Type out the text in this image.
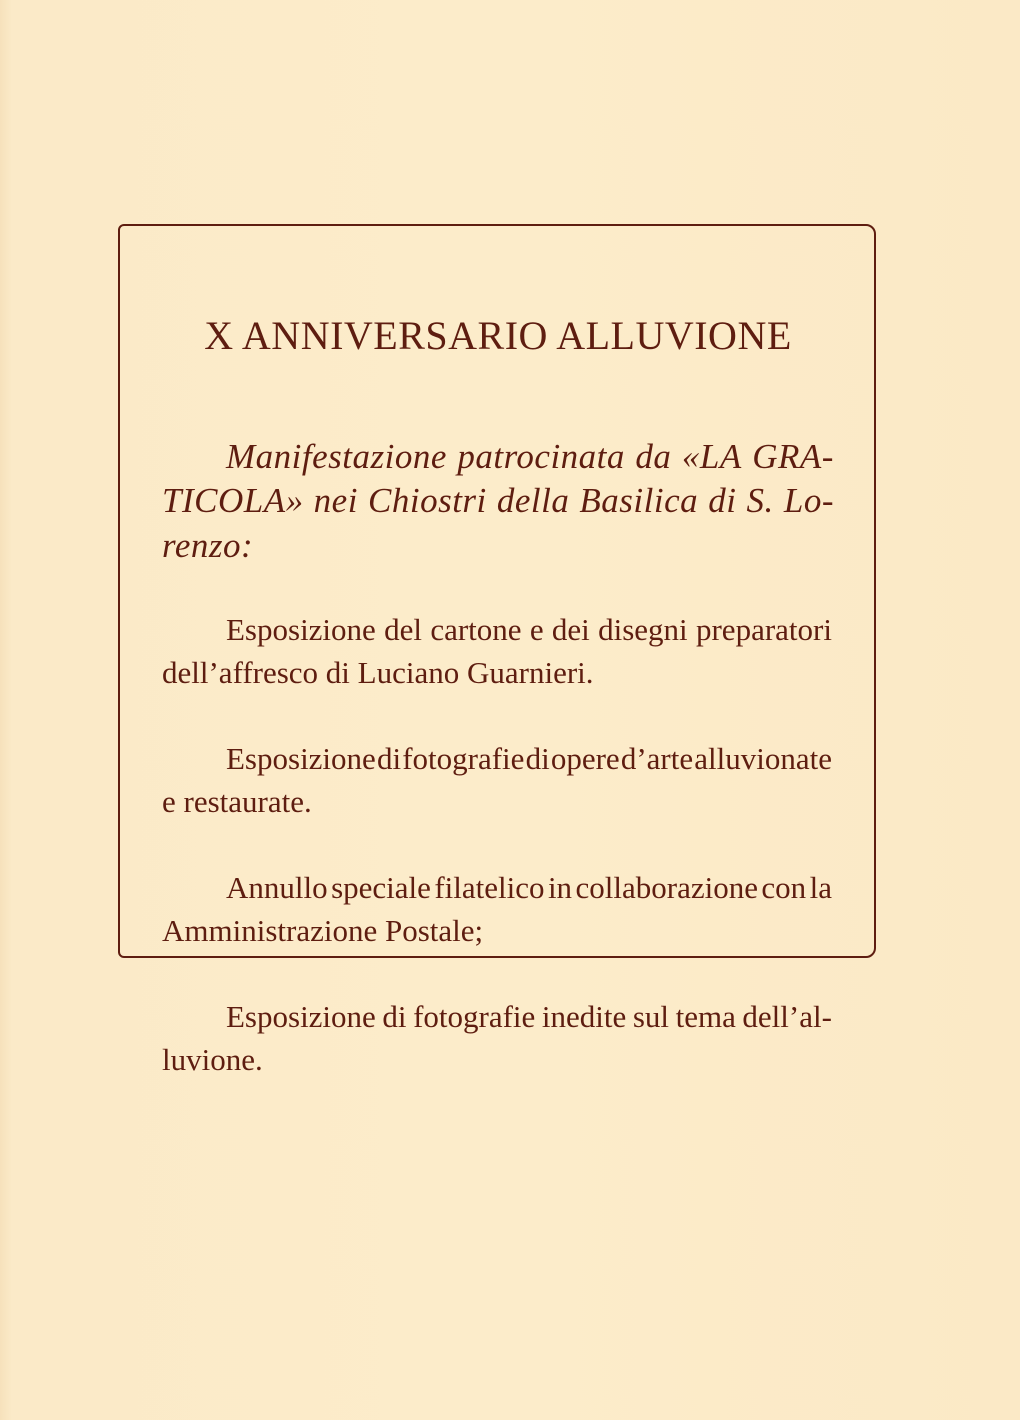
X ANNIVERSARIO ALLUVIONE

Manifestazione patrocinata da «LA GRA-

TICOLA» nei Chiostri della Basilica di S. Lo-

renzo:

Esposizione del cartone e dei disegni preparatori

dell’affresco di Luciano Guarnieri.

Esposizione di fotografie di opere d’arte alluvionate

e restaurate.

Annullo speciale filatelico in collaborazione con la

Amministrazione Postale;

Esposizione di fotografie inedite sul tema dell’al-

luvione.
